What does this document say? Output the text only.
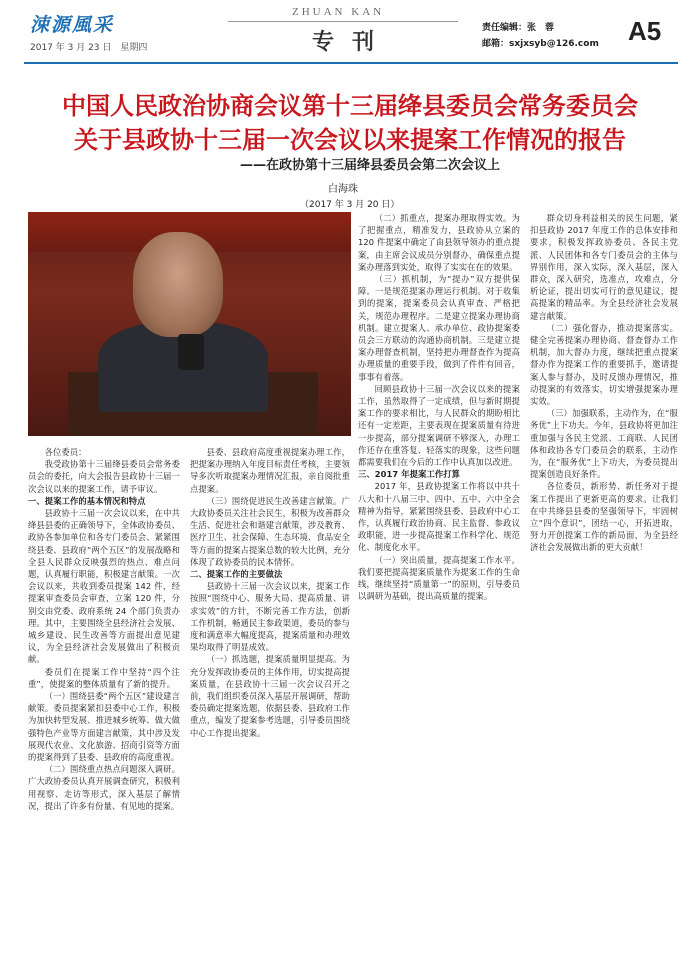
涑源風采
2017 年 3 月 23 日　星期四
ZHUAN KAN
专刊
责任编辑：张　蓉
邮箱：sxjxsyb@126.com A5
中国人民政治协商会议第十三届绛县委员会常务委员会
关于县政协十三届一次会议以来提案工作情况的报告
——在政协第十三届绛县委员会第二次会议上
白海珠
（2017 年 3 月 20 日）

各位委员：

我受政协第十三届绛县委员会常务委员会的委托，向大会报告县政协十三届一次会议以来的提案工作，请予审议。

一、提案工作的基本情况和特点

县政协十三届一次会议以来，在中共绛县县委的正确领导下，全体政协委员、政协各参加单位和各专门委员会、紧紧围绕县委、县政府“两个五区”的发展战略和全县人民群众反映强烈的热点、难点问题，认真履行职能，积极建言献策。一次会议以来，共收到委员提案 142 件，经提案审查委员会审查，立案 120 件，分别交由党委、政府系统 24 个部门负责办理。其中，主要围绕全县经济社会发展、城乡建设、民生改善等方面提出意见建议，为全县经济社会发展做出了积极贡献。

委员们在提案工作中坚持“四个注重”，使提案的整体质量有了新的提升。

（一）围绕县委“两个五区”建设建言献策。委员提案紧扣县委中心工作，积极为加快转型发展、推进城乡统筹、做大做强特色产业等方面建言献策，其中涉及发展现代农业、文化旅游、招商引资等方面的提案得到了县委、县政府的高度重视。

（二）围绕重点热点问题深入调研。广大政协委员认真开展调查研究，积极利用视察、走访等形式，深入基层了解情况，提出了许多有份量、有见地的提案。

县委、县政府高度重视提案办理工作，把提案办理纳入年度目标责任考核，主要领导多次听取提案办理情况汇报，亲自阅批重点提案。

（三）围绕促进民生改善建言献策。广大政协委员关注社会民生，积极为改善群众生活、促进社会和谐建言献策，涉及教育、医疗卫生、社会保障、生态环境、食品安全等方面的提案占提案总数的较大比例，充分体现了政协委员的民本情怀。

二、提案工作的主要做法

县政协十三届一次会议以来，提案工作按照“围绕中心、服务大局、提高质量、讲求实效”的方针，不断完善工作方法，创新工作机制，畅通民主参政渠道，委员的参与度和满意率大幅度提高，提案质量和办理效果均取得了明显成效。

（一）抓选题，提案质量明显提高。为充分发挥政协委员的主体作用，切实提高提案质量，在县政协十三届一次会议召开之前，我们组织委员深入基层开展调研，帮助委员确定提案选题，依据县委、县政府工作重点，编发了提案参考选题，引导委员围绕中心工作提出提案。

（二）抓重点，提案办理取得实效。为了把握重点，精准发力，县政协从立案的 120 件提案中确定了由县领导领办的重点提案，由主席会议成员分别督办，确保重点提案办理落到实处，取得了实实在在的效果。

（三）抓机制，为“提办”双方提供保障。一是规范提案办理运行机制。对于收集到的提案，提案委员会认真审查、严格把关，规范办理程序。二是建立提案办理协商机制。建立提案人、承办单位、政协提案委员会三方联动的沟通协商机制。三是建立提案办理督查机制，坚持把办理督查作为提高办理质量的重要手段，做到了件件有回音，事事有着落。

回顾县政协十三届一次会议以来的提案工作，虽然取得了一定成绩，但与新时期提案工作的要求相比，与人民群众的期盼相比还有一定差距，主要表现在提案质量有待进一步提高，部分提案调研不够深入，办理工作还存在重答复、轻落实的现象，这些问题都需要我们在今后的工作中认真加以改进。

三、2017 年提案工作打算

2017 年，县政协提案工作将以中共十八大和十八届三中、四中、五中、六中全会精神为指导，紧紧围绕县委、县政府中心工作，认真履行政治协商、民主监督、参政议政职能，进一步提高提案工作科学化、规范化、制度化水平。

（一）突出质量，提高提案工作水平。我们要把提高提案质量作为提案工作的生命线，继续坚持“质量第一”的原则，引导委员以调研为基础，提出高质量的提案。

群众切身利益相关的民生问题，紧扣县政协 2017 年度工作的总体安排和要求，积极发挥政协委员、各民主党派、人民团体和各专门委员会的主体与界别作用，深入实际，深入基层，深入群众，深入研究，选准点，攻难点，分析论证，提出切实可行的意见建议，提高提案的精品率。为全县经济社会发展建言献策。

（二）强化督办，推动提案落实。健全完善提案办理协商、督查督办工作机制，加大督办力度，继续把重点提案督办作为提案工作的重要抓手，邀请提案人参与督办，及时反馈办理情况，推动提案的有效落实，切实增强提案办理实效。

（三）加强联系，主动作为，在“服务优”上下功夫。今年，县政协将更加注重加强与各民主党派、工商联、人民团体和政协各专门委员会的联系，主动作为，在“服务优”上下功夫，为委员提出提案创造良好条件。

各位委员，新形势、新任务对于提案工作提出了更新更高的要求。让我们在中共绛县县委的坚强领导下，牢固树立“四个意识”，团结一心，开拓进取，努力开创提案工作的新局面，为全县经济社会发展做出新的更大贡献！
